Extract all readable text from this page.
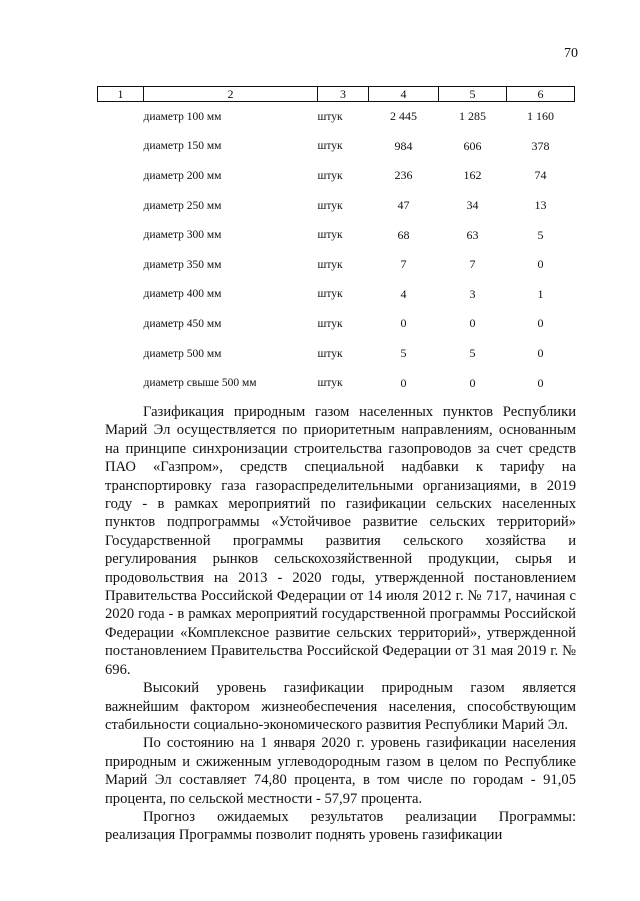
70
1	2	3	4	5	6
	диаметр 100 мм	штук	2 445	1 285	1 160
	диаметр 150 мм	штук	984	606	378
	диаметр 200 мм	штук	236	162	74
	диаметр 250 мм	штук	47	34	13
	диаметр 300 мм	штук	68	63	5
	диаметр 350 мм	штук	7	7	0
	диаметр 400 мм	штук	4	3	1
	диаметр 450 мм	штук	0	0	0
	диаметр 500 мм	штук	5	5	0
	диаметр свыше 500 мм	штук	0	0	0

Газификация природным газом населенных пунктов Республики Марий Эл осуществляется по приоритетным направлениям, основанным на принципе синхронизации строительства газопроводов за счет средств ПАО «Газпром», средств специальной надбавки к тарифу на транспортировку газа газораспределительными организациями, в 2019 году - в рамках мероприятий по газификации сельских населенных пунктов подпрограммы «Устойчивое развитие сельских территорий» Государственной программы развития сельского хозяйства и регулирования рынков сельскохозяйственной продукции, сырья и продовольствия на 2013 - 2020 годы, утвержденной постановлением Правительства Российской Федерации от 14 июля 2012 г. № 717, начиная с 2020 года - в рамках мероприятий государственной программы Российской Федерации «Комплексное развитие сельских территорий», утвержденной постановлением Правительства Российской Федерации от 31 мая 2019 г. № 696.

Высокий уровень газификации природным газом является важнейшим фактором жизнеобеспечения населения, способствующим стабильности социально-экономического развития Республики Марий Эл.

По состоянию на 1 января 2020 г. уровень газификации населения природным и сжиженным углеводородным газом в целом по Республике Марий Эл составляет 74,80 процента, в том числе по городам - 91,05 процента, по сельской местности - 57,97 процента.

Прогноз ожидаемых результатов реализации Программы: реализация Программы позволит поднять уровень газификации
